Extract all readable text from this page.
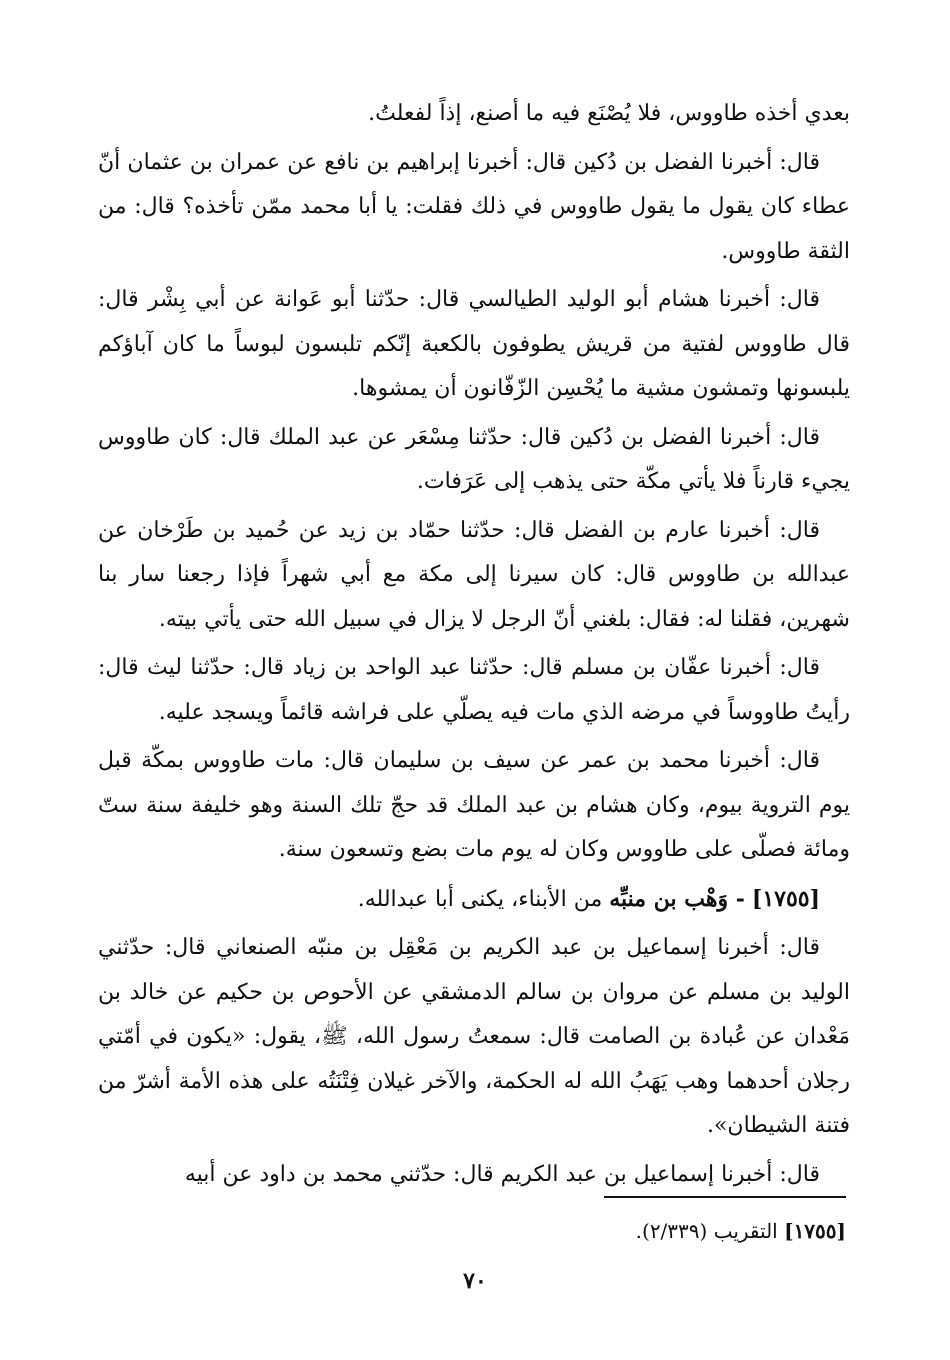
بعدي أخذه طاووس، فلا يُصْنَع فيه ما أصنع، إذاً لفعلتُ.

قال: أخبرنا الفضل بن دُكين قال: أخبرنا إبراهيم بن نافع عن عمران بن عثمان أنّ عطاء كان يقول ما يقول طاووس في ذلك فقلت: يا أبا محمد ممّن تأخذه؟ قال: من الثقة طاووس.

قال: أخبرنا هشام أبو الوليد الطيالسي قال: حدّثنا أبو عَوانة عن أبي بِشْر قال: قال طاووس لفتية من قريش يطوفون بالكعبة إنّكم تلبسون لبوساً ما كان آباؤكم يلبسونها وتمشون مشية ما يُحْسِن الزّفّانون أن يمشوها.

قال: أخبرنا الفضل بن دُكين قال: حدّثنا مِسْعَر عن عبد الملك قال: كان طاووس يجيء قارناً فلا يأتي مكّة حتى يذهب إلى عَرَفات.

قال: أخبرنا عارم بن الفضل قال: حدّثنا حمّاد بن زيد عن حُميد بن طَرْخان عن عبدالله بن طاووس قال: كان سيرنا إلى مكة مع أبي شهراً فإذا رجعنا سار بنا شهرين، فقلنا له: فقال: بلغني أنّ الرجل لا يزال في سبيل الله حتى يأتي بيته.

قال: أخبرنا عفّان بن مسلم قال: حدّثنا عبد الواحد بن زياد قال: حدّثنا ليث قال: رأيتُ طاووساً في مرضه الذي مات فيه يصلّي على فراشه قائماً ويسجد عليه.

قال: أخبرنا محمد بن عمر عن سيف بن سليمان قال: مات طاووس بمكّة قبل يوم التروية بيوم، وكان هشام بن عبد الملك قد حجّ تلك السنة وهو خليفة سنة ستّ ومائة فصلّى على طاووس وكان له يوم مات بضع وتسعون سنة.

[١٧٥٥] - وَهْب بن منبِّه من الأبناء، يكنى أبا عبدالله.

قال: أخبرنا إسماعيل بن عبد الكريم بن مَعْقِل بن منبّه الصنعاني قال: حدّثني الوليد بن مسلم عن مروان بن سالم الدمشقي عن الأحوص بن حكيم عن خالد بن مَعْدان عن عُبادة بن الصامت قال: سمعتُ رسول الله، ﷺ، يقول: «يكون في أمّتي رجلان أحدهما وهب يَهَبُ الله له الحكمة، والآخر غيلان فِتْنَتُه على هذه الأمة أشرّ من فتنة الشيطان».

قال: أخبرنا إسماعيل بن عبد الكريم قال: حدّثني محمد بن داود عن أبيه

[١٧٥٥] التقريب (٢/٣٣٩).
٧٠
